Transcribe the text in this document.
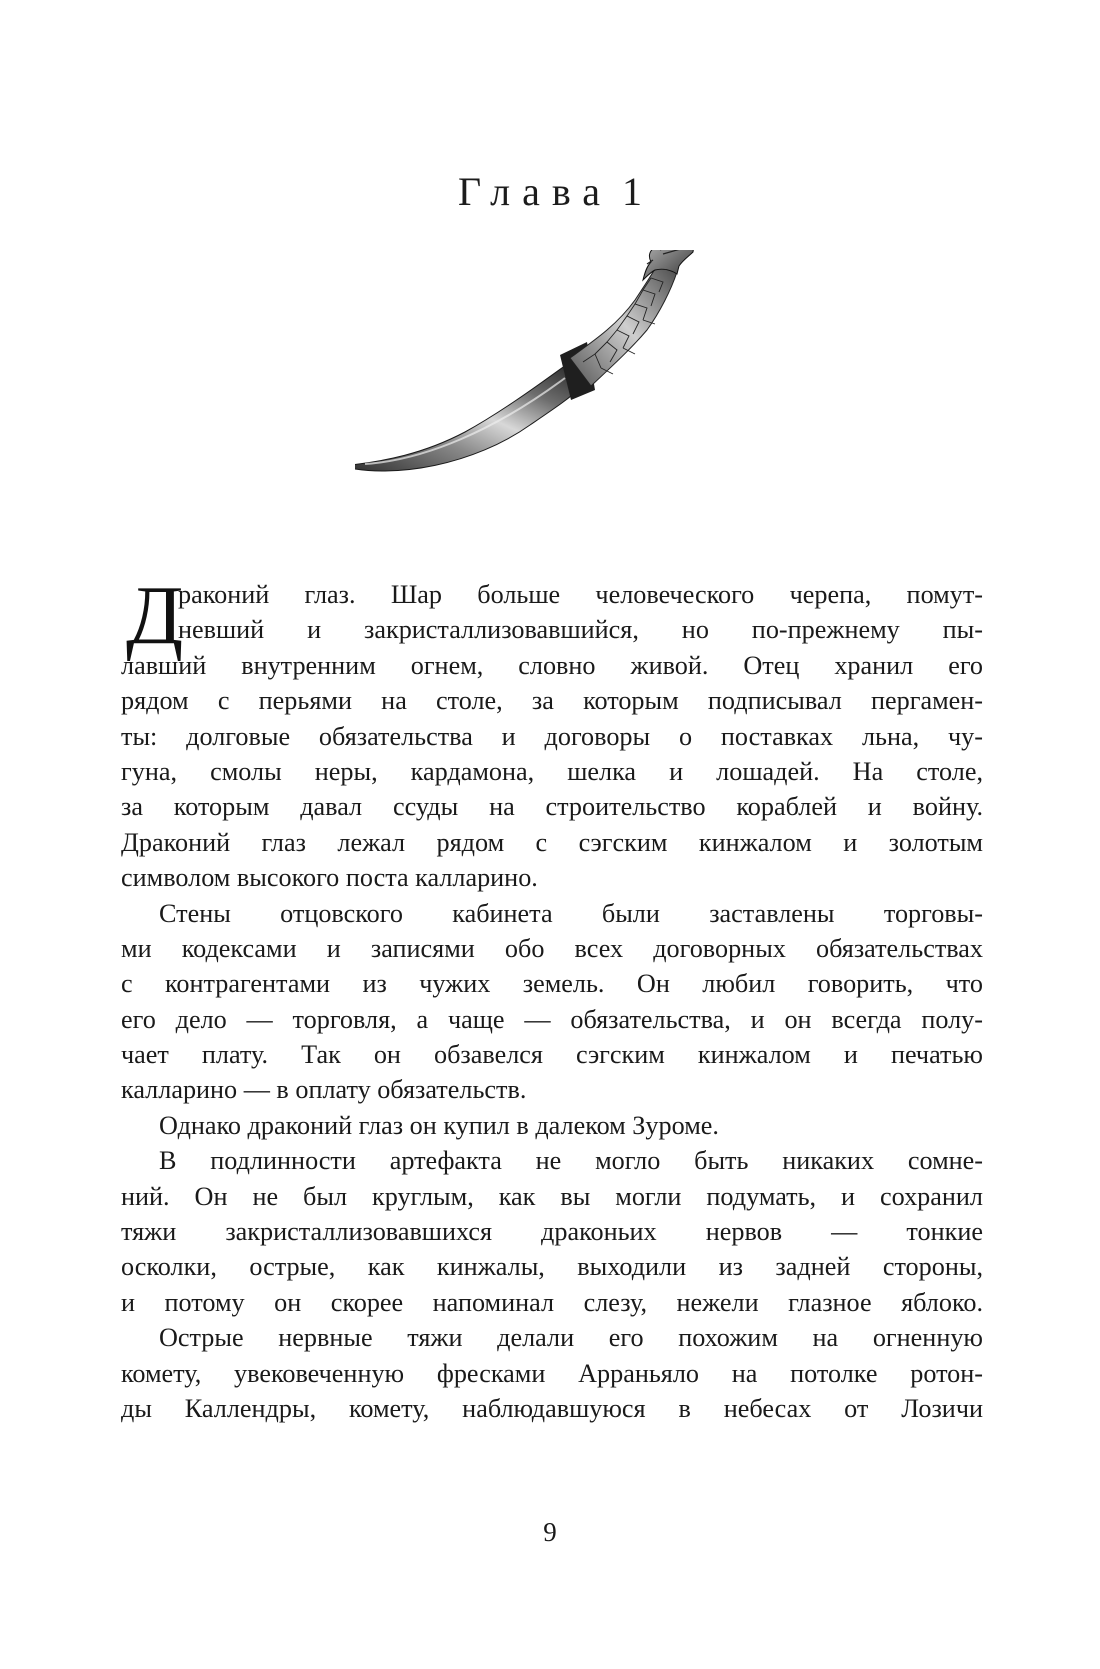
Глава 1
Д
раконий глаз. Шар больше человеческого черепа, помут-
невший и закристаллизовавшийся, но по-прежнему пы-
лавший внутренним огнем, словно живой. Отец хранил его
рядом с перьями на столе, за которым подписывал пергамен-
ты: долговые обязательства и договоры о поставках льна, чу-
гуна, смолы неры, кардамона, шелка и лошадей. На столе,
за которым давал ссуды на строительство кораблей и войну.
Драконий глаз лежал рядом с сэгским кинжалом и золотым
символом высокого поста калларино.
Стены отцовского кабинета были заставлены торговы-
ми кодексами и записями обо всех договорных обязательствах
с контрагентами из чужих земель. Он любил говорить, что
его дело — торговля, а чаще — обязательства, и он всегда полу-
чает плату. Так он обзавелся сэгским кинжалом и печатью
калларино — в оплату обязательств.
Однако драконий глаз он купил в далеком Зуроме.
В подлинности артефакта не могло быть никаких сомне-
ний. Он не был круглым, как вы могли подумать, и сохранил
тяжи закристаллизовавшихся драконьих нервов — тонкие
осколки, острые, как кинжалы, выходили из задней стороны,
и потому он скорее напоминал слезу, нежели глазное яблоко.
Острые нервные тяжи делали его похожим на огненную
комету, увековеченную фресками Арраньяло на потолке ротон-
ды Каллендры, комету, наблюдавшуюся в небесах от Лозичи
9
